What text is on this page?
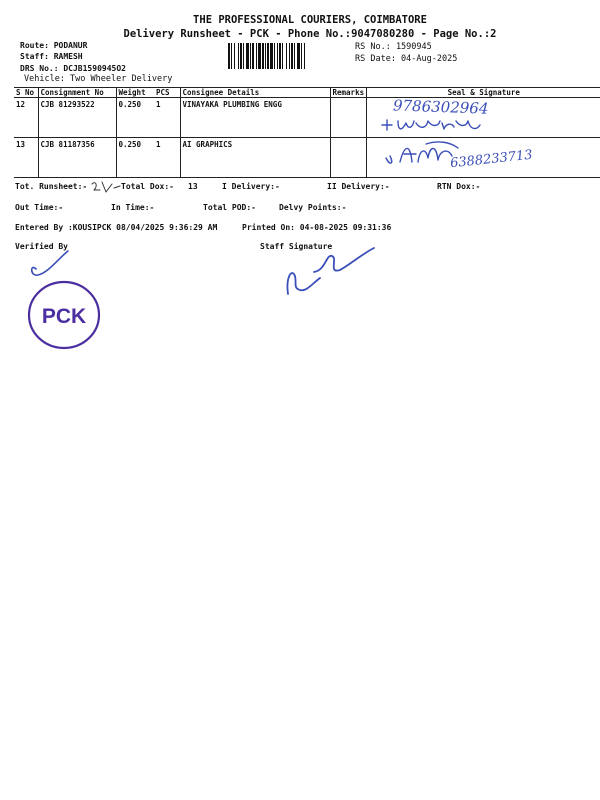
THE PROFESSIONAL COURIERS, COIMBATORE
Delivery Runsheet - PCK - Phone No.:9047080280 - Page No.:2
Route: PODANUR
Staff: RAMESH
DRS No.: DCJB1590945O2
Vehicle: Two Wheeler Delivery
RS No.: 1590945
RS Date: 04-Aug-2025
S No	Consignment No	Weight	PCS	Consignee Details	Remarks	Seal & Signature
12	CJB 81293522	0.250	1	VINAYAKA PLUMBING ENGG		
13	CJB 81187356	0.250	1	AI GRAPHICS		
9786302964
6388233713
Tot. Runsheet:-	Total Dox:- 13	I Delivery:-	II Delivery:-	RTN Dox:-
Out Time:-	In Time:-	Total POD:-	Delvy Points:-
Entered By :KOUSIPCK 08/04/2025 9:36:29 AM	Printed On: 04-08-2025 09:31:36
Verified By	Staff Signature
PCK
